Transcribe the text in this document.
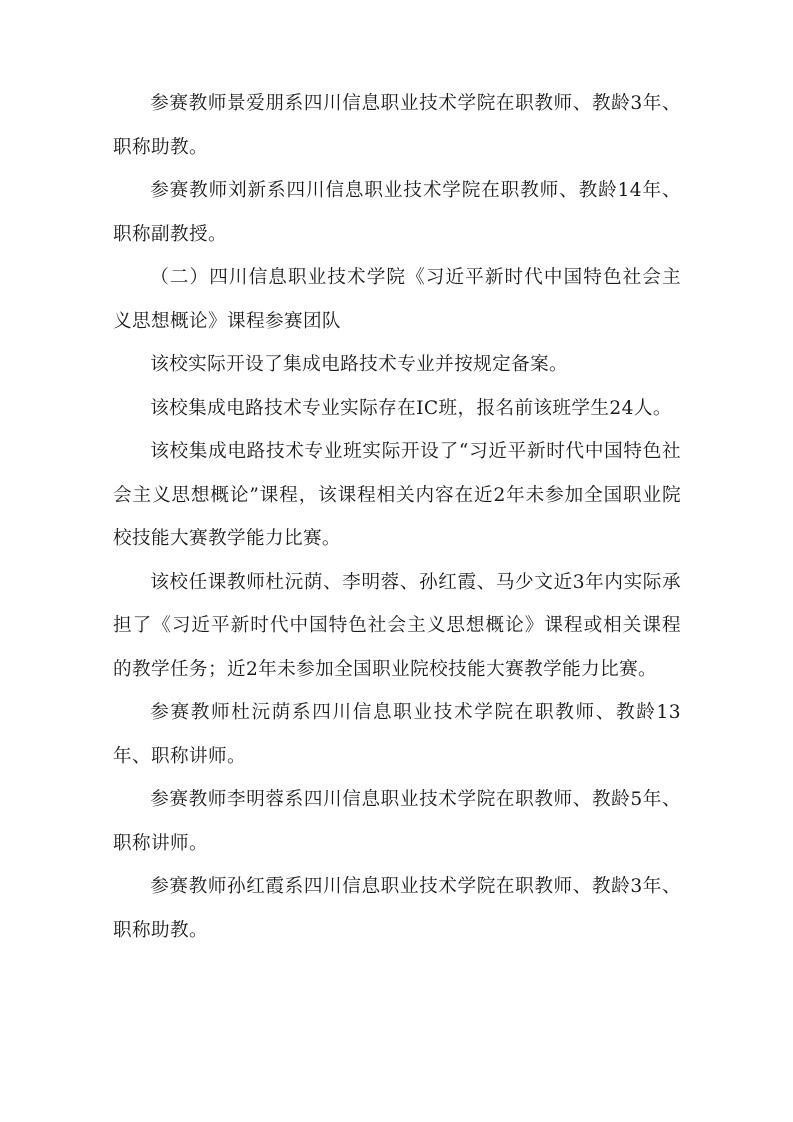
参赛教师景爱朋系四川信息职业技术学院在职教师、教龄3年、职称助教。

参赛教师刘新系四川信息职业技术学院在职教师、教龄14年、职称副教授。

（二）四川信息职业技术学院《习近平新时代中国特色社会主义思想概论》课程参赛团队

该校实际开设了集成电路技术专业并按规定备案。

该校集成电路技术专业实际存在IC班，报名前该班学生24人。

该校集成电路技术专业班实际开设了“习近平新时代中国特色社会主义思想概论”课程，该课程相关内容在近2年未参加全国职业院校技能大赛教学能力比赛。

该校任课教师杜沅荫、李明蓉、孙红霞、马少文近3年内实际承担了《习近平新时代中国特色社会主义思想概论》课程或相关课程的教学任务；近2年未参加全国职业院校技能大赛教学能力比赛。

参赛教师杜沅荫系四川信息职业技术学院在职教师、教龄13年、职称讲师。

参赛教师李明蓉系四川信息职业技术学院在职教师、教龄5年、职称讲师。

参赛教师孙红霞系四川信息职业技术学院在职教师、教龄3年、职称助教。
